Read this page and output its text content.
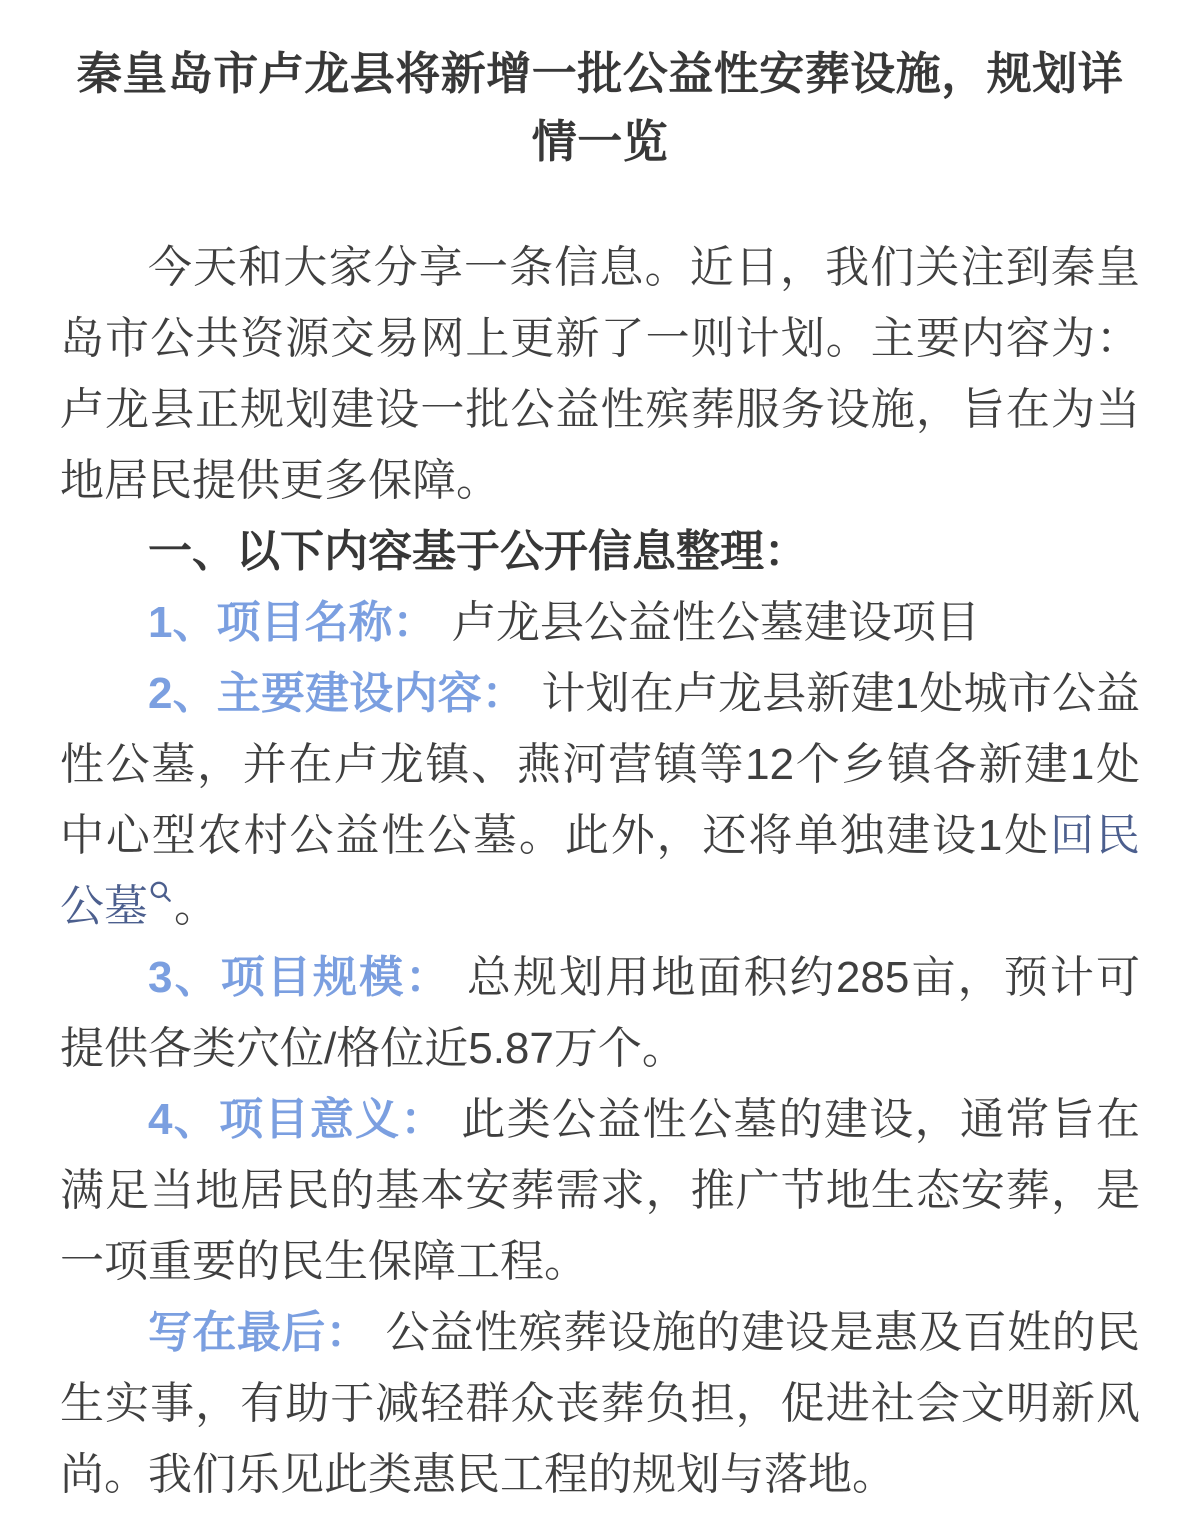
秦皇岛市卢龙县将新增一批公益性安葬设施，规划详情一览

今天和大家分享一条信息。近日，我们关注到秦皇岛市公共资源交易网上更新了一则计划。主要内容为：卢龙县正规划建设一批公益性殡葬服务设施，旨在为当地居民提供更多保障。

一、以下内容基于公开信息整理：

1、项目名称： 卢龙县公益性公墓建设项目

2、主要建设内容： 计划在卢龙县新建1处城市公益性公墓，并在卢龙镇、燕河营镇等12个乡镇各新建1处中心型农村公益性公墓。此外，还将单独建设1处回民公墓 。

3、项目规模： 总规划用地面积约285亩，预计可提供各类穴位/格位近5.87万个。

4、项目意义： 此类公益性公墓的建设，通常旨在满足当地居民的基本安葬需求，推广节地生态安葬，是一项重要的民生保障工程。

写在最后： 公益性殡葬设施的建设是惠及百姓的民生实事，有助于减轻群众丧葬负担，促进社会文明新风尚。我们乐见此类惠民工程的规划与落地。
